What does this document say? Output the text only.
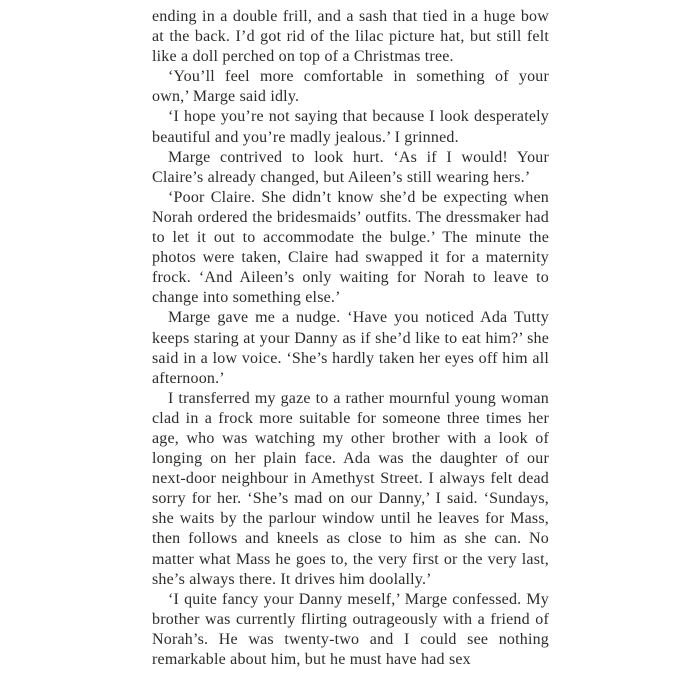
ending in a double frill, and a sash that tied in a huge bow at the back. I’d got rid of the lilac picture hat, but still felt like a doll perched on top of a Christmas tree.

‘You’ll feel more comfortable in something of your own,’ Marge said idly.

‘I hope you’re not saying that because I look desperately beautiful and you’re madly jealous.’ I grinned.

Marge contrived to look hurt. ‘As if I would! Your Claire’s already changed, but Aileen’s still wearing hers.’

‘Poor Claire. She didn’t know she’d be expecting when Norah ordered the bridesmaids’ outfits. The dressmaker had to let it out to accommodate the bulge.’ The minute the photos were taken, Claire had swapped it for a maternity frock. ‘And Aileen’s only waiting for Norah to leave to change into something else.’

Marge gave me a nudge. ‘Have you noticed Ada Tutty keeps staring at your Danny as if she’d like to eat him?’ she said in a low voice. ‘She’s hardly taken her eyes off him all afternoon.’

I transferred my gaze to a rather mournful young woman clad in a frock more suitable for someone three times her age, who was watching my other brother with a look of longing on her plain face. Ada was the daughter of our next-door neighbour in Amethyst Street. I always felt dead sorry for her. ‘She’s mad on our Danny,’ I said. ‘Sundays, she waits by the parlour window until he leaves for Mass, then follows and kneels as close to him as she can. No matter what Mass he goes to, the very first or the very last, she’s always there. It drives him doolally.’

‘I quite fancy your Danny meself,’ Marge confessed. My brother was currently flirting outrageously with a friend of Norah’s. He was twenty-two and I could see nothing remarkable about him, but he must have had sex
